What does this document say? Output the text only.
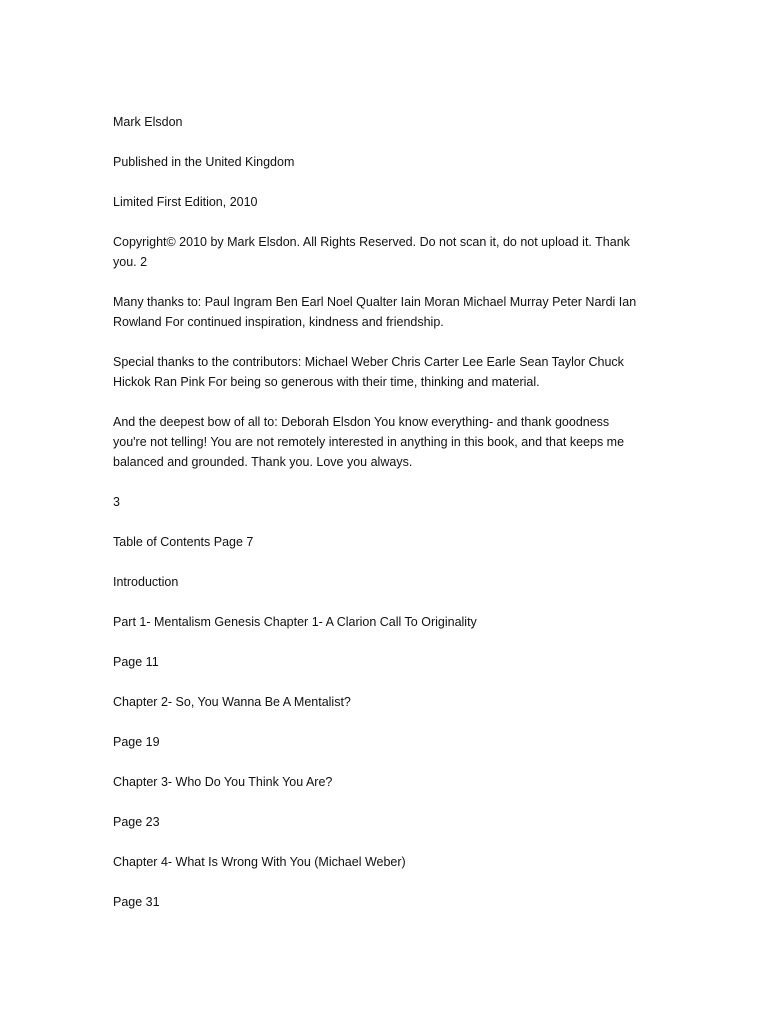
Mark Elsdon

Published in the United Kingdom

Limited First Edition, 2010

Copyright© 2010 by Mark Elsdon. All Rights Reserved. Do not scan it, do not upload it. Thank you. 2

Many thanks to: Paul Ingram Ben Earl Noel Qualter Iain Moran Michael Murray Peter Nardi Ian Rowland For continued inspiration, kindness and friendship.

Special thanks to the contributors: Michael Weber Chris Carter Lee Earle Sean Taylor Chuck Hickok Ran Pink For being so generous with their time, thinking and material.

And the deepest bow of all to: Deborah Elsdon You know everything- and thank goodness you're not telling! You are not remotely interested in anything in this book, and that keeps me balanced and grounded. Thank you. Love you always.

3

Table of Contents Page 7

Introduction

Part 1- Mentalism Genesis Chapter 1- A Clarion Call To Originality

Page 11

Chapter 2- So, You Wanna Be A Mentalist?

Page 19

Chapter 3- Who Do You Think You Are?

Page 23

Chapter 4- What Is Wrong With You (Michael Weber)

Page 31
